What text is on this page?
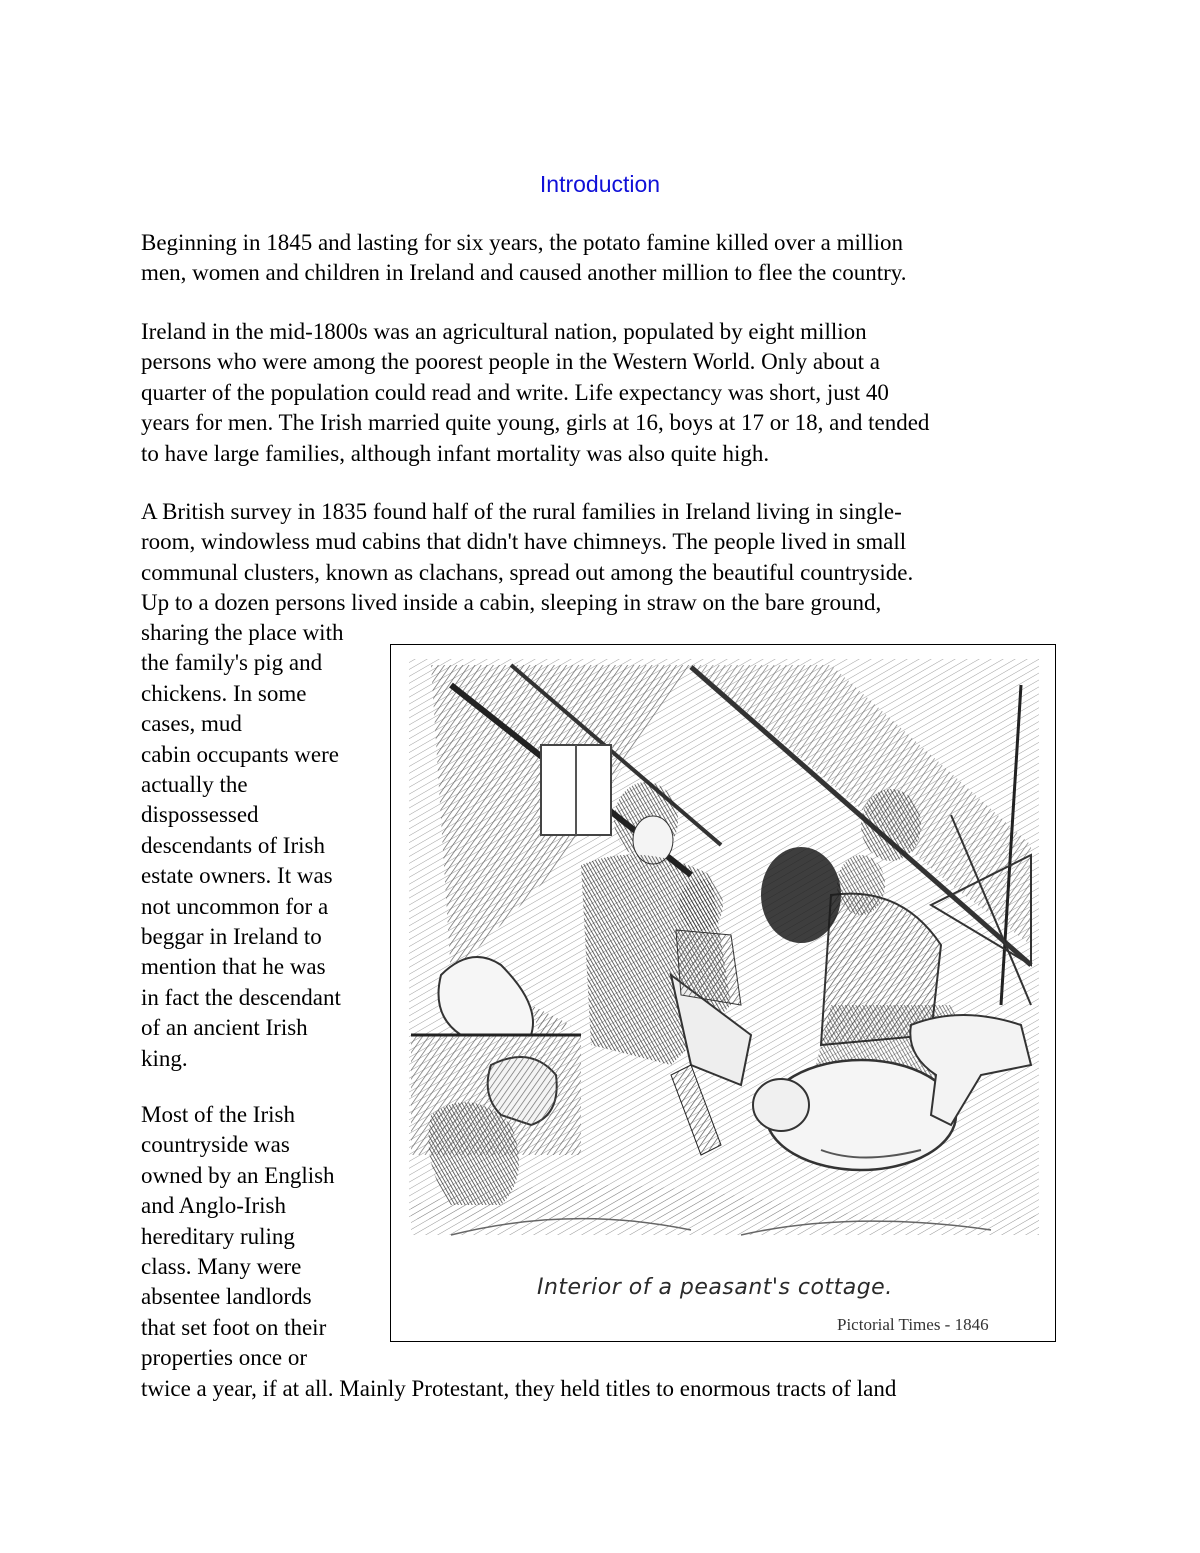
Introduction

Beginning in 1845 and lasting for six years, the potato famine killed over a million
men, women and children in Ireland and caused another million to flee the country.

Ireland in the mid-1800s was an agricultural nation, populated by eight million
persons who were among the poorest people in the Western World. Only about a
quarter of the population could read and write. Life expectancy was short, just 40
years for men. The Irish married quite young, girls at 16, boys at 17 or 18, and tended
to have large families, although infant mortality was also quite high.

A British survey in 1835 found half of the rural families in Ireland living in single-
room, windowless mud cabins that didn't have chimneys. The people lived in small
communal clusters, known as clachans, spread out among the beautiful countryside.
Up to a dozen persons lived inside a cabin, sleeping in straw on the bare ground,

sharing the place with
the family's pig and
chickens. In some
cases, mud
cabin occupants were
actually the
dispossessed
descendants of Irish
estate owners. It was
not uncommon for a
beggar in Ireland to
mention that he was
in fact the descendant
of an ancient Irish
king.

Most of the Irish
countryside was
owned by an English
and Anglo-Irish
hereditary ruling
class. Many were
absentee landlords
that set foot on their
properties once or

twice a year, if at all. Mainly Protestant, they held titles to enormous tracts of land

Interior of a peasant's cottage.
Pictorial Times - 1846
